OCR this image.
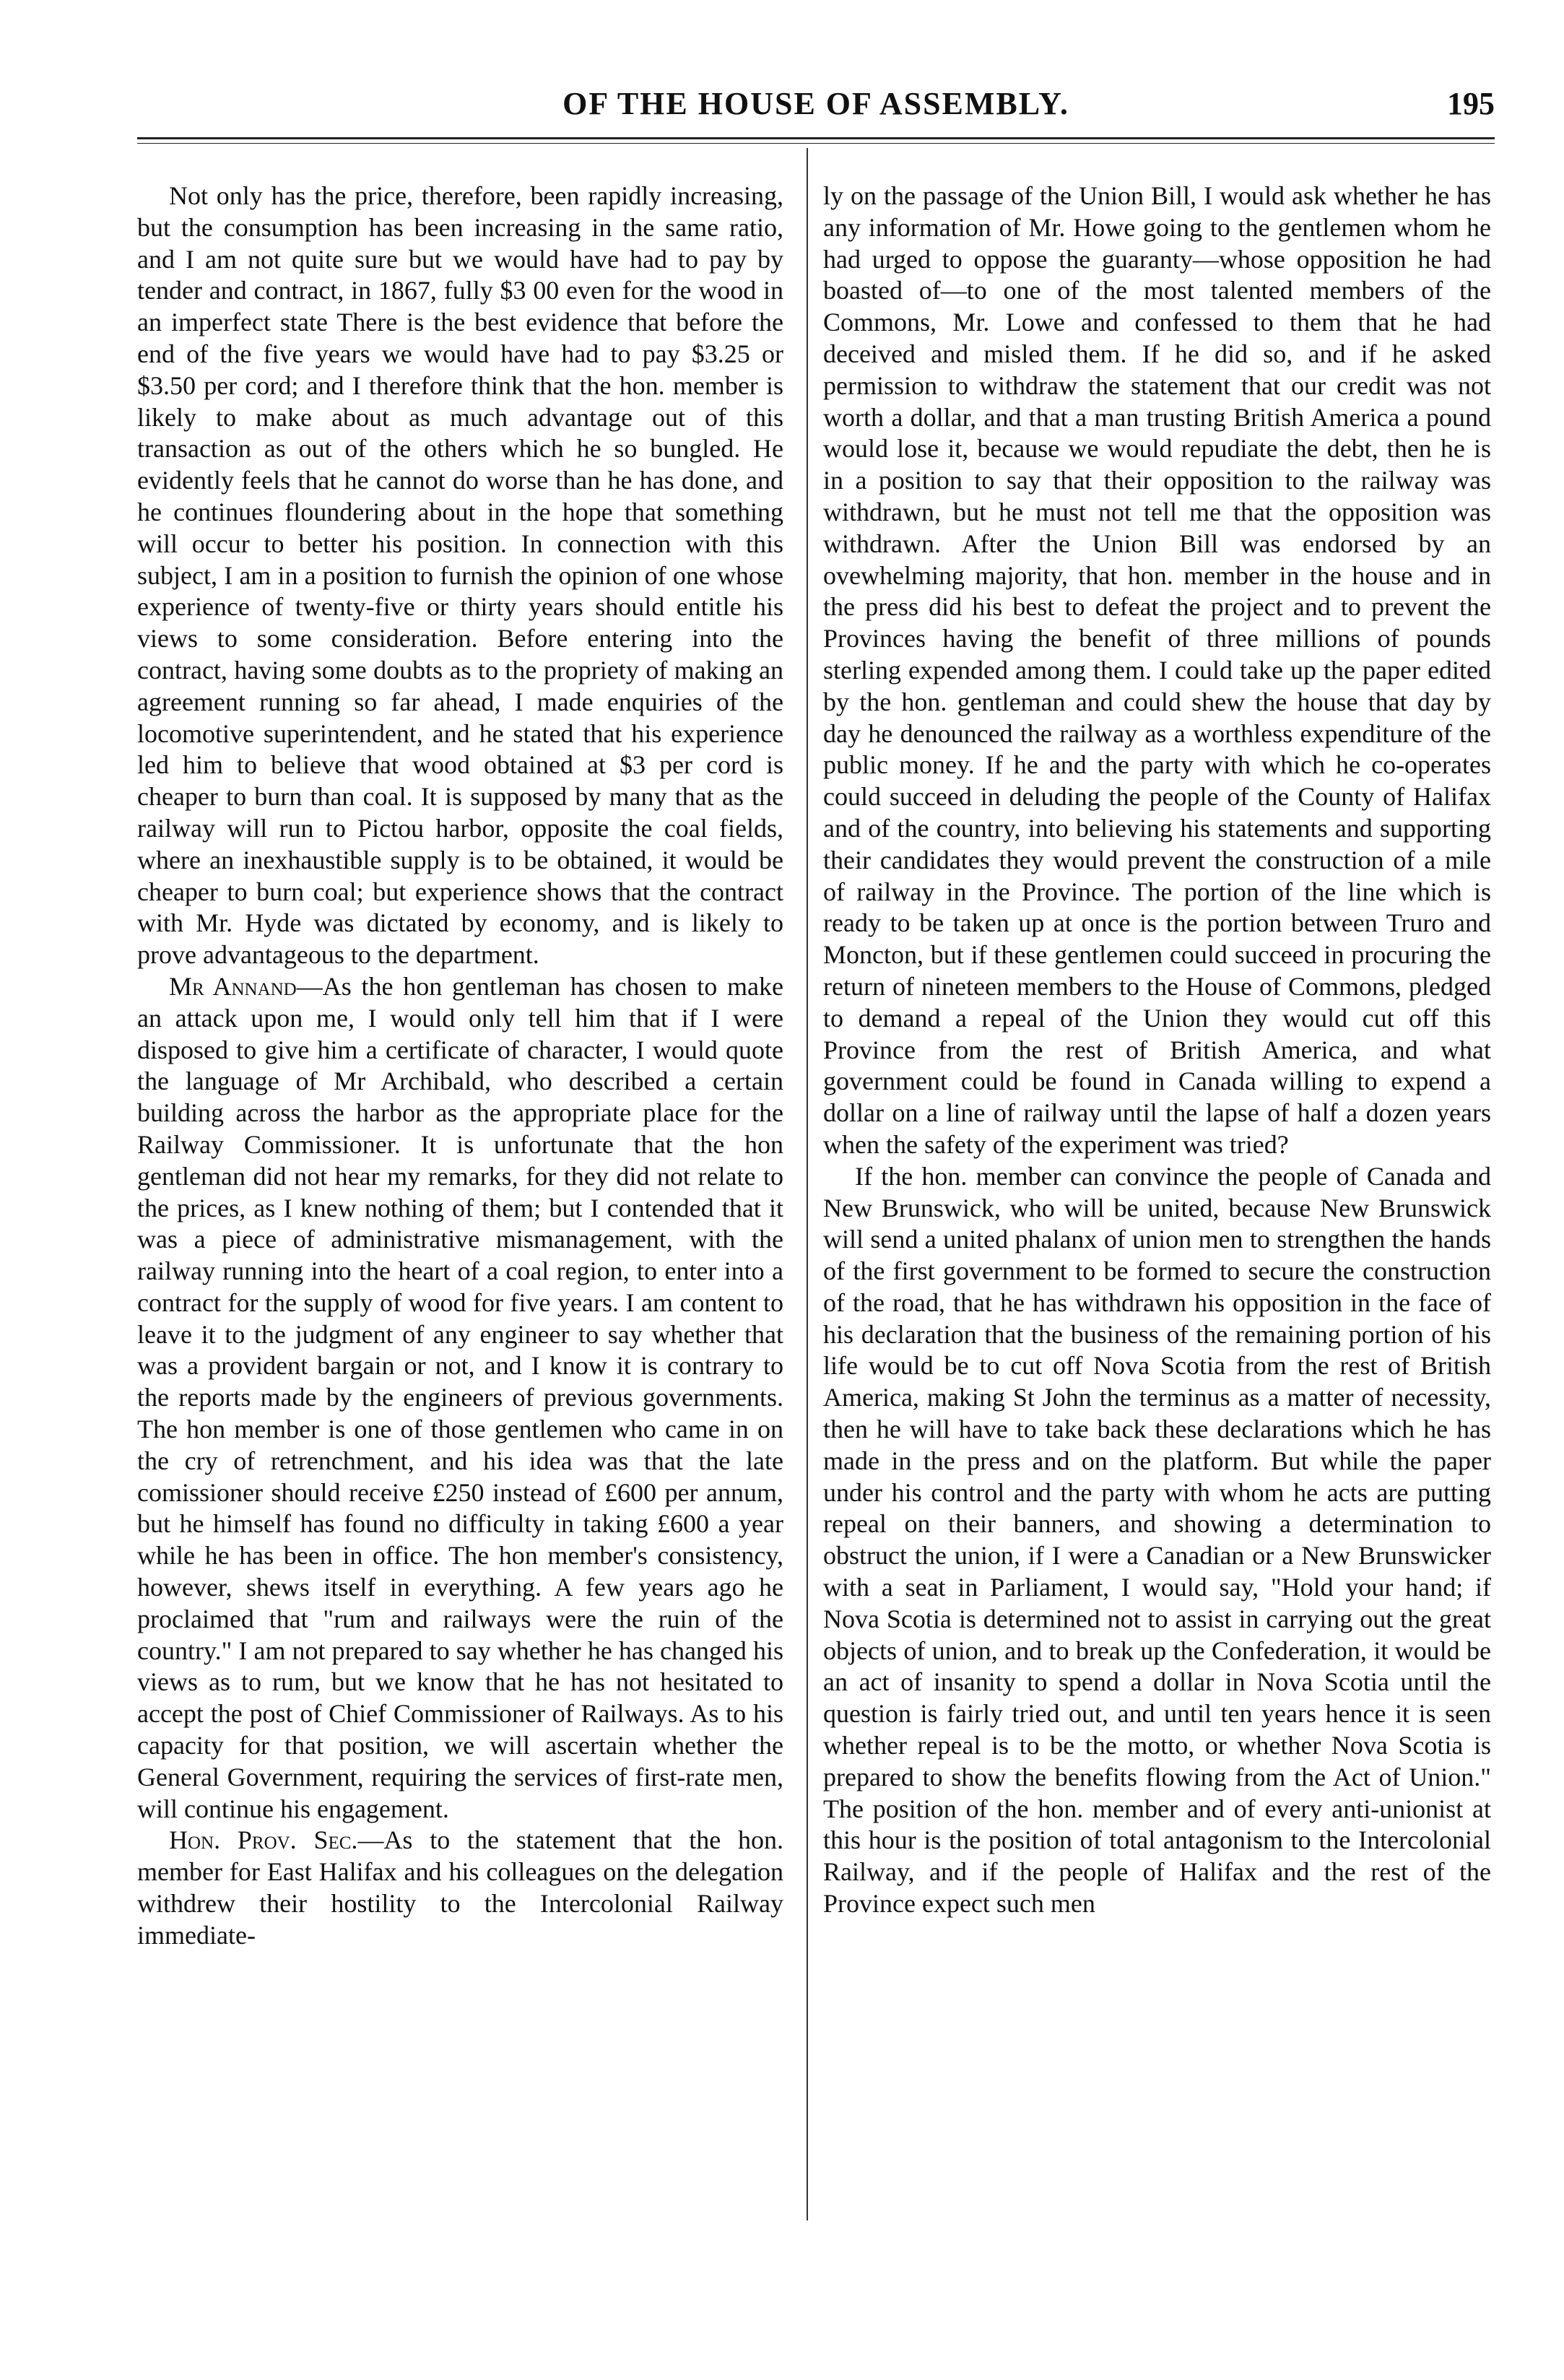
OF THE HOUSE OF ASSEMBLY.	195

Not only has the price, therefore, been rapidly increasing, but the consumption has been increasing in the same ratio, and I am not quite sure but we would have had to pay by tender and contract, in 1867, fully $3 00 even for the wood in an imperfect state There is the best evidence that before the end of the five years we would have had to pay $3.25 or $3.50 per cord; and I therefore think that the hon. member is likely to make about as much advantage out of this transaction as out of the others which he so bungled. He evidently feels that he cannot do worse than he has done, and he continues floundering about in the hope that something will occur to better his position. In connection with this subject, I am in a position to furnish the opinion of one whose experience of twenty-five or thirty years should entitle his views to some consideration. Before entering into the contract, having some doubts as to the propriety of making an agreement running so far ahead, I made enquiries of the locomotive superintendent, and he stated that his experience led him to believe that wood obtained at $3 per cord is cheaper to burn than coal. It is supposed by many that as the railway will run to Pictou harbor, opposite the coal fields, where an inexhaustible supply is to be obtained, it would be cheaper to burn coal; but experience shows that the contract with Mr. Hyde was dictated by economy, and is likely to prove advantageous to the department.

Mr Annand—As the hon gentleman has chosen to make an attack upon me, I would only tell him that if I were disposed to give him a certificate of character, I would quote the language of Mr Archibald, who described a certain building across the harbor as the appropriate place for the Railway Commissioner. It is unfortunate that the hon gentleman did not hear my remarks, for they did not relate to the prices, as I knew nothing of them; but I contended that it was a piece of administrative mismanagement, with the railway running into the heart of a coal region, to enter into a contract for the supply of wood for five years. I am content to leave it to the judgment of any engineer to say whether that was a provident bargain or not, and I know it is contrary to the reports made by the engineers of previous governments. The hon member is one of those gentlemen who came in on the cry of retrenchment, and his idea was that the late comissioner should receive £250 instead of £600 per annum, but he himself has found no difficulty in taking £600 a year while he has been in office. The hon member's consistency, however, shews itself in everything. A few years ago he proclaimed that "rum and railways were the ruin of the country." I am not prepared to say whether he has changed his views as to rum, but we know that he has not hesitated to accept the post of Chief Commissioner of Railways. As to his capacity for that position, we will ascertain whether the General Government, requiring the services of first-rate men, will continue his engagement.

Hon. Prov. Sec.—As to the statement that the hon. member for East Halifax and his colleagues on the delegation withdrew their hostility to the Intercolonial Railway immediate-

ly on the passage of the Union Bill, I would ask whether he has any information of Mr. Howe going to the gentlemen whom he had urged to oppose the guaranty—whose opposition he had boasted of—to one of the most talented members of the Commons, Mr. Lowe and confessed to them that he had deceived and misled them. If he did so, and if he asked permission to withdraw the statement that our credit was not worth a dollar, and that a man trusting British America a pound would lose it, because we would repudiate the debt, then he is in a position to say that their opposition to the railway was withdrawn, but he must not tell me that the opposition was withdrawn. After the Union Bill was endorsed by an ovewhelming majority, that hon. member in the house and in the press did his best to defeat the project and to prevent the Provinces having the benefit of three millions of pounds sterling expended among them. I could take up the paper edited by the hon. gentleman and could shew the house that day by day he denounced the railway as a worthless expenditure of the public money. If he and the party with which he co-operates could succeed in deluding the people of the County of Halifax and of the country, into believing his statements and supporting their candidates they would prevent the construction of a mile of railway in the Province. The portion of the line which is ready to be taken up at once is the portion between Truro and Moncton, but if these gentlemen could succeed in procuring the return of nineteen members to the House of Commons, pledged to demand a repeal of the Union they would cut off this Province from the rest of British America, and what government could be found in Canada willing to expend a dollar on a line of railway until the lapse of half a dozen years when the safety of the experiment was tried?

If the hon. member can convince the people of Canada and New Brunswick, who will be united, because New Brunswick will send a united phalanx of union men to strengthen the hands of the first government to be formed to secure the construction of the road, that he has withdrawn his opposition in the face of his declaration that the business of the remaining portion of his life would be to cut off Nova Scotia from the rest of British America, making St John the terminus as a matter of necessity, then he will have to take back these declarations which he has made in the press and on the platform. But while the paper under his control and the party with whom he acts are putting repeal on their banners, and showing a determination to obstruct the union, if I were a Canadian or a New Brunswicker with a seat in Parliament, I would say, "Hold your hand; if Nova Scotia is determined not to assist in carrying out the great objects of union, and to break up the Confederation, it would be an act of insanity to spend a dollar in Nova Scotia until the question is fairly tried out, and until ten years hence it is seen whether repeal is to be the motto, or whether Nova Scotia is prepared to show the benefits flowing from the Act of Union." The position of the hon. member and of every anti-unionist at this hour is the position of total antagonism to the Intercolonial Railway, and if the people of Halifax and the rest of the Province expect such men
